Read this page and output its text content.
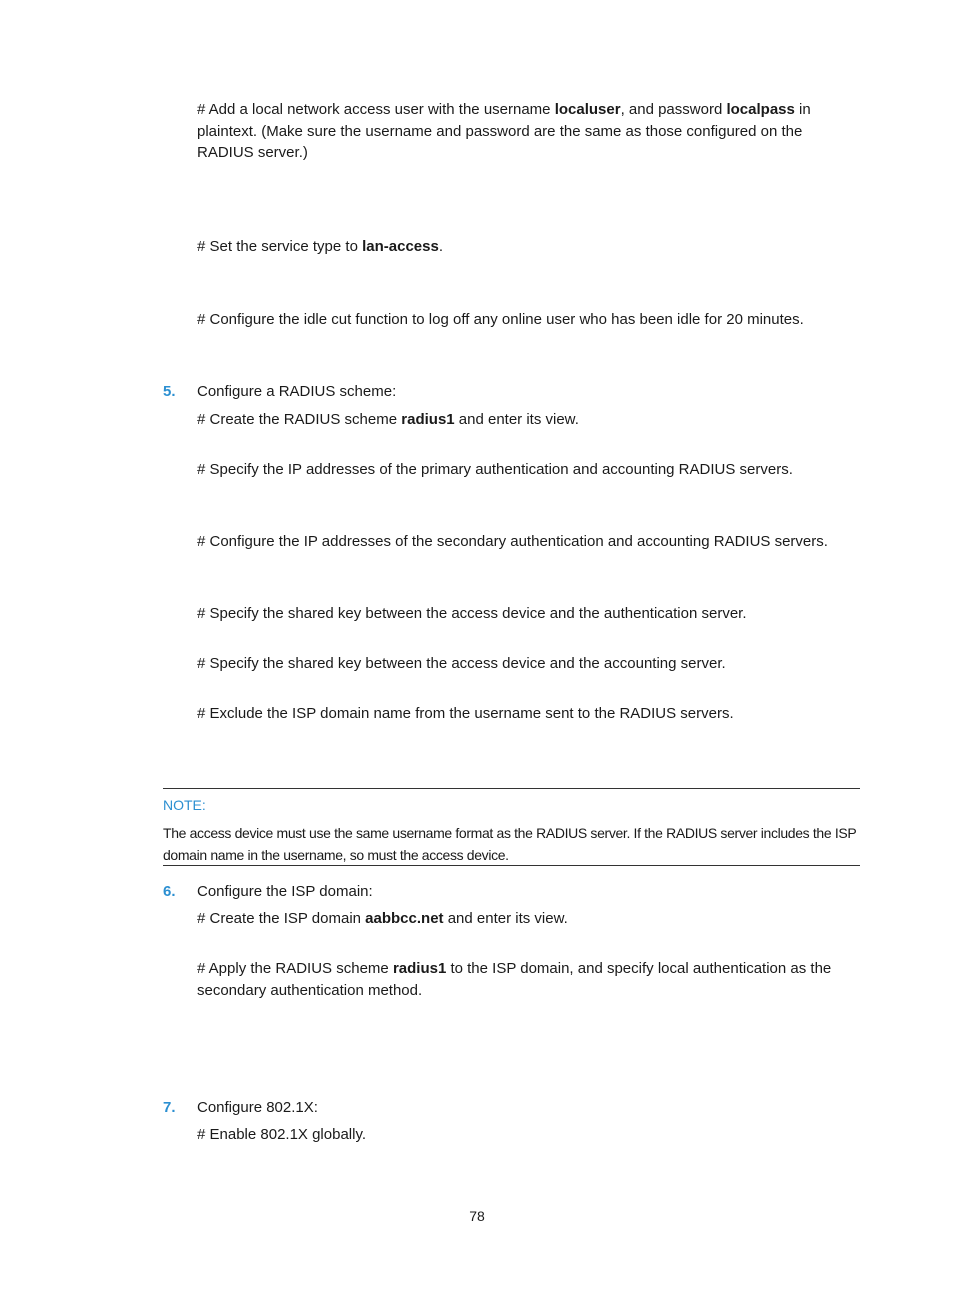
# Add a local network access user with the username localuser, and password localpass in plaintext. (Make sure the username and password are the same as those configured on the RADIUS server.)

# Set the service type to lan-access.

# Configure the idle cut function to log off any online user who has been idle for 20 minutes.

5. Configure a RADIUS scheme:

# Create the RADIUS scheme radius1 and enter its view.

# Specify the IP addresses of the primary authentication and accounting RADIUS servers.

# Configure the IP addresses of the secondary authentication and accounting RADIUS servers.

# Specify the shared key between the access device and the authentication server.

# Specify the shared key between the access device and the accounting server.

# Exclude the ISP domain name from the username sent to the RADIUS servers.

NOTE:
The access device must use the same username format as the RADIUS server. If the RADIUS server includes the ISP domain name in the username, so must the access device.
6. Configure the ISP domain:

# Create the ISP domain aabbcc.net and enter its view.

# Apply the RADIUS scheme radius1 to the ISP domain, and specify local authentication as the secondary authentication method.

7. Configure 802.1X:

# Enable 802.1X globally.

78
